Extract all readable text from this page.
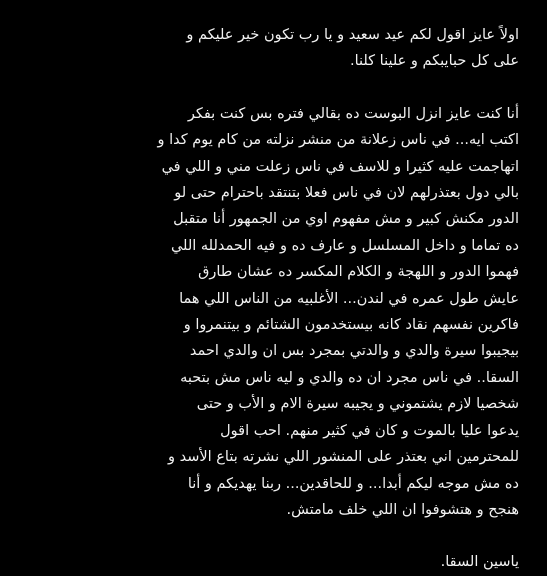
اولاً عايز اقول لكم عيد سعيد و يا رب تكون خير عليكم و

على كل حبايبكم و علينا كلنا.

أنا كنت عايز انزل البوست ده بقالي فتره بس كنت بفكر

اكتب ايه... في ناس زعلانة من منشر نزلته من كام يوم كدا و

اتهاجمت عليه كثيرا و للاسف في ناس زعلت مني و اللي في

بالي دول بعتذرلهم لان في ناس فعلا بتنتقد باحترام حتى لو

الدور مكنش كبير و مش مفهوم اوي من الجمهور أنا متقبل

ده تماما و داخل المسلسل و عارف ده و فيه الحمدلله اللي

فهموا الدور و اللهجة و الكلام المكسر ده عشان طارق

عايش طول عمره في لندن... الأغلبيه من الناس اللي هما

فاكرين نفسهم نقاد كانه بيستخدمون الشتائم و بيتنمروا و

بيجيبوا سيرة والدي و والدتي بمجرد بس ان والدي احمد

السقا.. في ناس مجرد ان ده والدي و ليه ناس مش بتحبه

شخصيا لازم يشتموني و يجيبه سيرة الام و الأب و حتى

يدعوا عليا بالموت و كان في كثير منهم. احب اقول

للمحترمين اني بعتذر على المنشور اللي نشرته بتاع الأسد و

ده مش موجه ليكم أبدا... و للحاقدين... ربنا يهديكم و أنا

هنجح و هتشوفوا ان اللي خلف مامتش.

ياسين السقا.
